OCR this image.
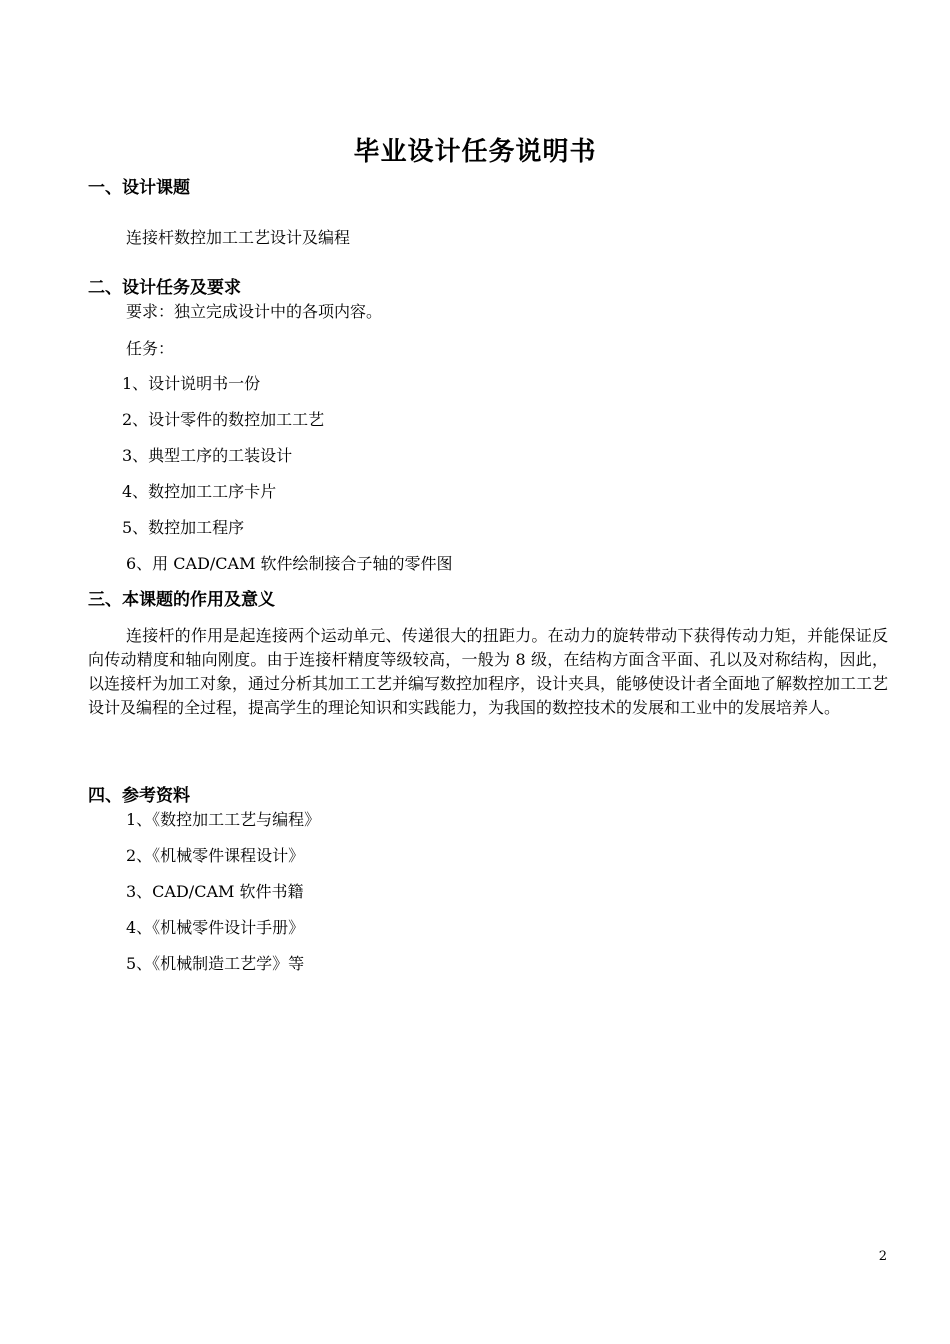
毕业设计任务说明书
一、设计课题
连接杆数控加工工艺设计及编程
二、设计任务及要求
要求：独立完成设计中的各项内容。
任务：
1、设计说明书一份
2、设计零件的数控加工工艺
3、典型工序的工装设计
4、数控加工工序卡片
5、数控加工程序
6、用 CAD/CAM 软件绘制接合子轴的零件图
三、本课题的作用及意义
连接杆的作用是起连接两个运动单元、传递很大的扭距力。在动力的旋转带动下获得传动力矩，并能保证反向传动精度和轴向刚度。由于连接杆精度等级较高，一般为 8 级，在结构方面含平面、孔以及对称结构，因此，以连接杆为加工对象，通过分析其加工工艺并编写数控加程序，设计夹具，能够使设计者全面地了解数控加工工艺设计及编程的全过程，提高学生的理论知识和实践能力，为我国的数控技术的发展和工业中的发展培养人。
四、参考资料
1、《数控加工工艺与编程》
2、《机械零件课程设计》
3、CAD/CAM 软件书籍
4、《机械零件设计手册》
5、《机械制造工艺学》等
2
